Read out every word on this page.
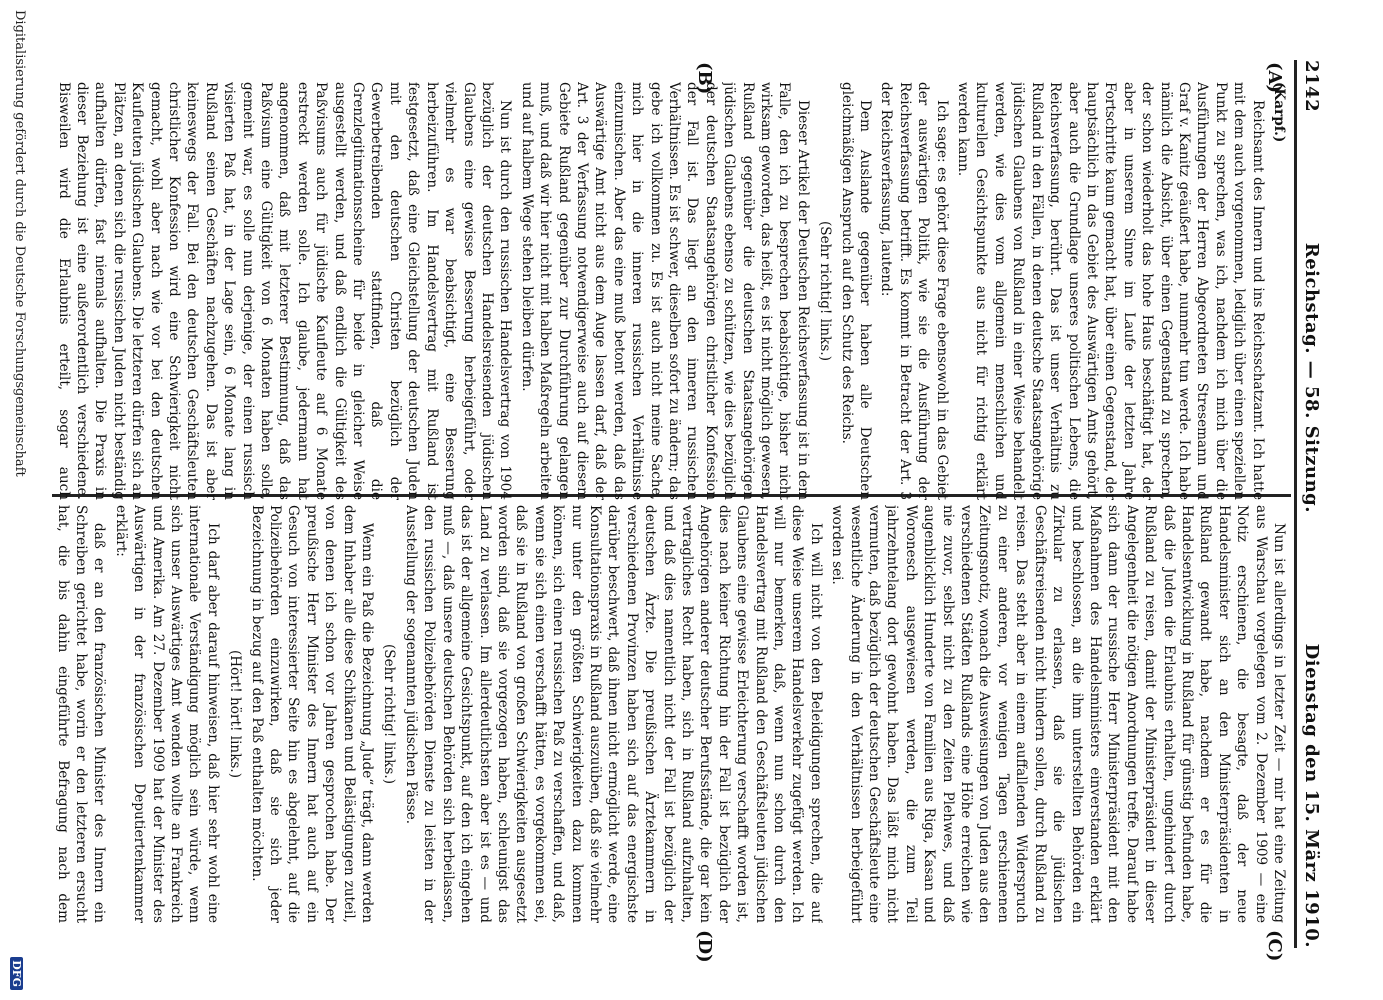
2142
Reichstag. — 58. Sitzung.
Dienstag den 15. März 1910.
(A)
(B)
(C)
(D)

(Karpf.)

Reichsamt des Innern und ins Reichsschatzamt. Ich hatte mit dem auch vorgenommen, lediglich über einen speziellen Punkt zu sprechen, was ich, nachdem ich mich über die Ausführungen der Herren Abgeordneten Stresemann und Graf v. Kanitz geäußert habe, nunmehr tun werde. Ich habe nämlich die Absicht, über einen Gegenstand zu sprechen, der schon wiederholt das hohe Haus beschäftigt hat, der aber in unserem Sinne im Laufe der letzten Jahre Fortschritte kaum gemacht hat, über einen Gegenstand, der hauptsächlich in das Gebiet des Auswärtigen Amts gehört, aber auch die Grundlage unseres politischen Lebens, die Reichsverfassung, berührt. Das ist unser Verhältnis zu Rußland in den Fällen, in denen deutsche Staatsangehörige jüdischen Glaubens von Rußland in einer Weise behandelt werden, wie dies vom allgemein menschlichen und kulturellen Gesichtspunkte aus nicht für richtig erklärt werden kann.

Ich sage: es gehört diese Frage ebensowohl in das Gebiet der auswärtigen Politik, wie sie die Ausführung der Reichsverfassung betrifft. Es kommt in Betracht der Art. 3 der Reichsverfassung, lautend:

Dem Auslande gegenüber haben alle Deutschen gleichmäßigen Anspruch auf den Schutz des Reichs.

(Sehr richtig! links.)

Dieser Artikel der Deutschen Reichsverfassung ist in dem Falle, den ich zu besprechen beabsichtige, bisher nicht wirksam geworden, das heißt, es ist nicht möglich gewesen, Rußland gegenüber die deutschen Staatsangehörigen jüdischen Glaubens ebenso zu schützen, wie dies bezüglich der deutschen Staatsangehörigen christlicher Konfession der Fall ist. Das liegt an den inneren russischen Verhältnissen. Es ist schwer, dieselben sofort zu ändern; das gebe ich vollkommen zu. Es ist auch nicht meine Sache, mich hier in die inneren russischen Verhältnisse einzumischen. Aber das eine muß betont werden, daß das Auswärtige Amt nicht aus dem Auge lassen darf, daß der Art. 3 der Verfassung notwendigerweise auch auf diesem Gebiete Rußland gegenüber zur Durchführung gelangen muß, und daß wir hier nicht mit halben Maßregeln arbeiten und auf halbem Wege stehen bleiben dürfen.

Nun ist durch den russischen Handelsvertrag von 1904 bezüglich der deutschen Handelsreisenden jüdischen Glaubens eine gewisse Besserung herbeigeführt, oder vielmehr es war beabsichtigt, eine Besserung herbeizuführen. Im Handelsvertrag mit Rußland ist festgesetzt, daß eine Gleichstellung der deutschen Juden mit den deutschen Christen bezüglich der Gewerbetreibenden stattfinden, daß die Grenzlegitimationsscheine für beide in gleicher Weise ausgestellt werden, und daß endlich die Gültigkeit des Paßvisums auch für jüdische Kaufleute auf 6 Monate erstreckt werden solle. Ich glaube, jedermann hat angenommen, daß mit letzterer Bestimmung, daß das Paßvisum eine Gültigkeit von 6 Monaten haben solle, gemeint war, es solle nun derjenige, der einen russisch visierten Paß hat, in der Lage sein, 6 Monate lang in Rußland seinen Geschäften nachzugehen. Das ist aber keineswegs der Fall. Bei den deutschen Geschäftsleuten christlicher Konfession wird eine Schwierigkeit nicht gemacht, wohl aber nach wie vor bei den deutschen Kaufleuten jüdischen Glaubens. Die letzteren dürfen sich an Plätzen, an denen sich die russischen Juden nicht beständig aufhalten dürfen, fast niemals aufhalten. Die Praxis in dieser Beziehung ist eine außerordentlich verschiedene. Bisweilen wird die Erlaubnis erteilt, sogar auch

Nun ist allerdings in letzter Zeit — mir hat eine Zeitung aus Warschau vorgelegen vom 2. Dezember 1909 — eine Notiz erschienen, die besagte, daß der neue Handelsminister sich an den Ministerpräsidenten in Rußland gewandt habe, nachdem er es für die Handelsentwicklung in Rußland für günstig befunden habe, daß die Juden die Erlaubnis erhalten, ungehindert durch Rußland zu reisen, damit der Ministerpräsident in dieser Angelegenheit die nötigen Anordnungen treffe. Darauf habe sich dann der russische Herr Ministerpräsident mit den Maßnahmen des Handelsministers einverstanden erklärt und beschlossen, an die ihm unterstellten Behörden ein Zirkular zu erlassen, daß sie die jüdischen Geschäftsreisenden nicht hindern sollen, durch Rußland zu reisen. Das steht aber in einem auffallenden Widerspruch zu einer anderen, vor wenigen Tagen erschienenen Zeitungsnotiz, wonach die Ausweisungen von Juden aus den verschiedenen Städten Rußlands eine Höhe erreichen wie nie zuvor, selbst nicht zu den Zeiten Plehwes, und daß augenblicklich Hunderte von Familien aus Riga, Kasan und Woronesch ausgewiesen werden, die zum Teil jahrzehntelang dort gewohnt haben. Das läßt mich nicht vermuten, daß bezüglich der deutschen Geschäftsleute eine wesentliche Änderung in den Verhältnissen herbeigeführt worden sei.

Ich will nicht von den Beleidigungen sprechen, die auf diese Weise unserem Handelsverkehr zugefügt werden. Ich will nur bemerken, daß, wenn nun schon durch den Handelsvertrag mit Rußland den Geschäftsleuten jüdischen Glaubens eine gewisse Erleichterung verschafft worden ist, dies nach keiner Richtung hin der Fall ist bezüglich der Angehörigen anderer deutscher Berufsstände, die gar kein vertragliches Recht haben, sich in Rußland aufzuhalten, und daß dies namentlich nicht der Fall ist bezüglich der deutschen Ärzte. Die preußischen Ärztekammern in verschiedenen Provinzen haben sich auf das energischste darüber beschwert, daß ihnen nicht ermöglicht werde, eine Konsultationspraxis in Rußland auszuüben, daß sie vielmehr nur unter den größten Schwierigkeiten dazu kommen können, sich einen russischen Paß zu verschaffen, und daß, wenn sie sich einen verschafft hätten, es vorgekommen sei, daß sie in Rußland von großen Schwierigkeiten ausgesetzt worden sind, daß sie vorgezogen haben, schleunigst das Land zu verlassen. Im allerdeutlichsten aber ist es — und das ist der allgemeine Gesichtspunkt, auf den ich eingehen muß —, daß unsere deutschen Behörden sich herbeilassen, den russischen Polizeibehörden Dienste zu leisten in der Ausstellung der sogenannten jüdischen Pässe.

(Sehr richtig! links.)

Wenn ein Paß die Bezeichnung „Jude“ trägt, dann werden dem Inhaber alle diese Schikanen und Belästigungen zuteil, von denen ich schon vor Jahren gesprochen habe. Der preußische Herr Minister des Innern hat auch auf ein Gesuch von interessierter Seite hin es abgelehnt, auf die Polizeibehörden einzuwirken, daß sie sich jeder Bezeichnung in bezug auf den Paß enthalten möchten.

(Hört! hört! links.)

Ich darf aber darauf hinweisen, daß hier sehr wohl eine internationale Verständigung möglich sein würde, wenn sich unser Auswärtiges Amt wenden wollte an Frankreich und Amerika. Am 27. Dezember 1909 hat der Minister des Auswärtigen in der französischen Deputiertenkammer erklärt:

daß er an den französischen Minister des Innern ein Schreiben gerichtet habe, worin er den letzteren ersucht hat, die bis dahin eingeführte Befragung nach dem

Digitalisierung gefördert durch die Deutsche Forschungsgemeinschaft
DFG
